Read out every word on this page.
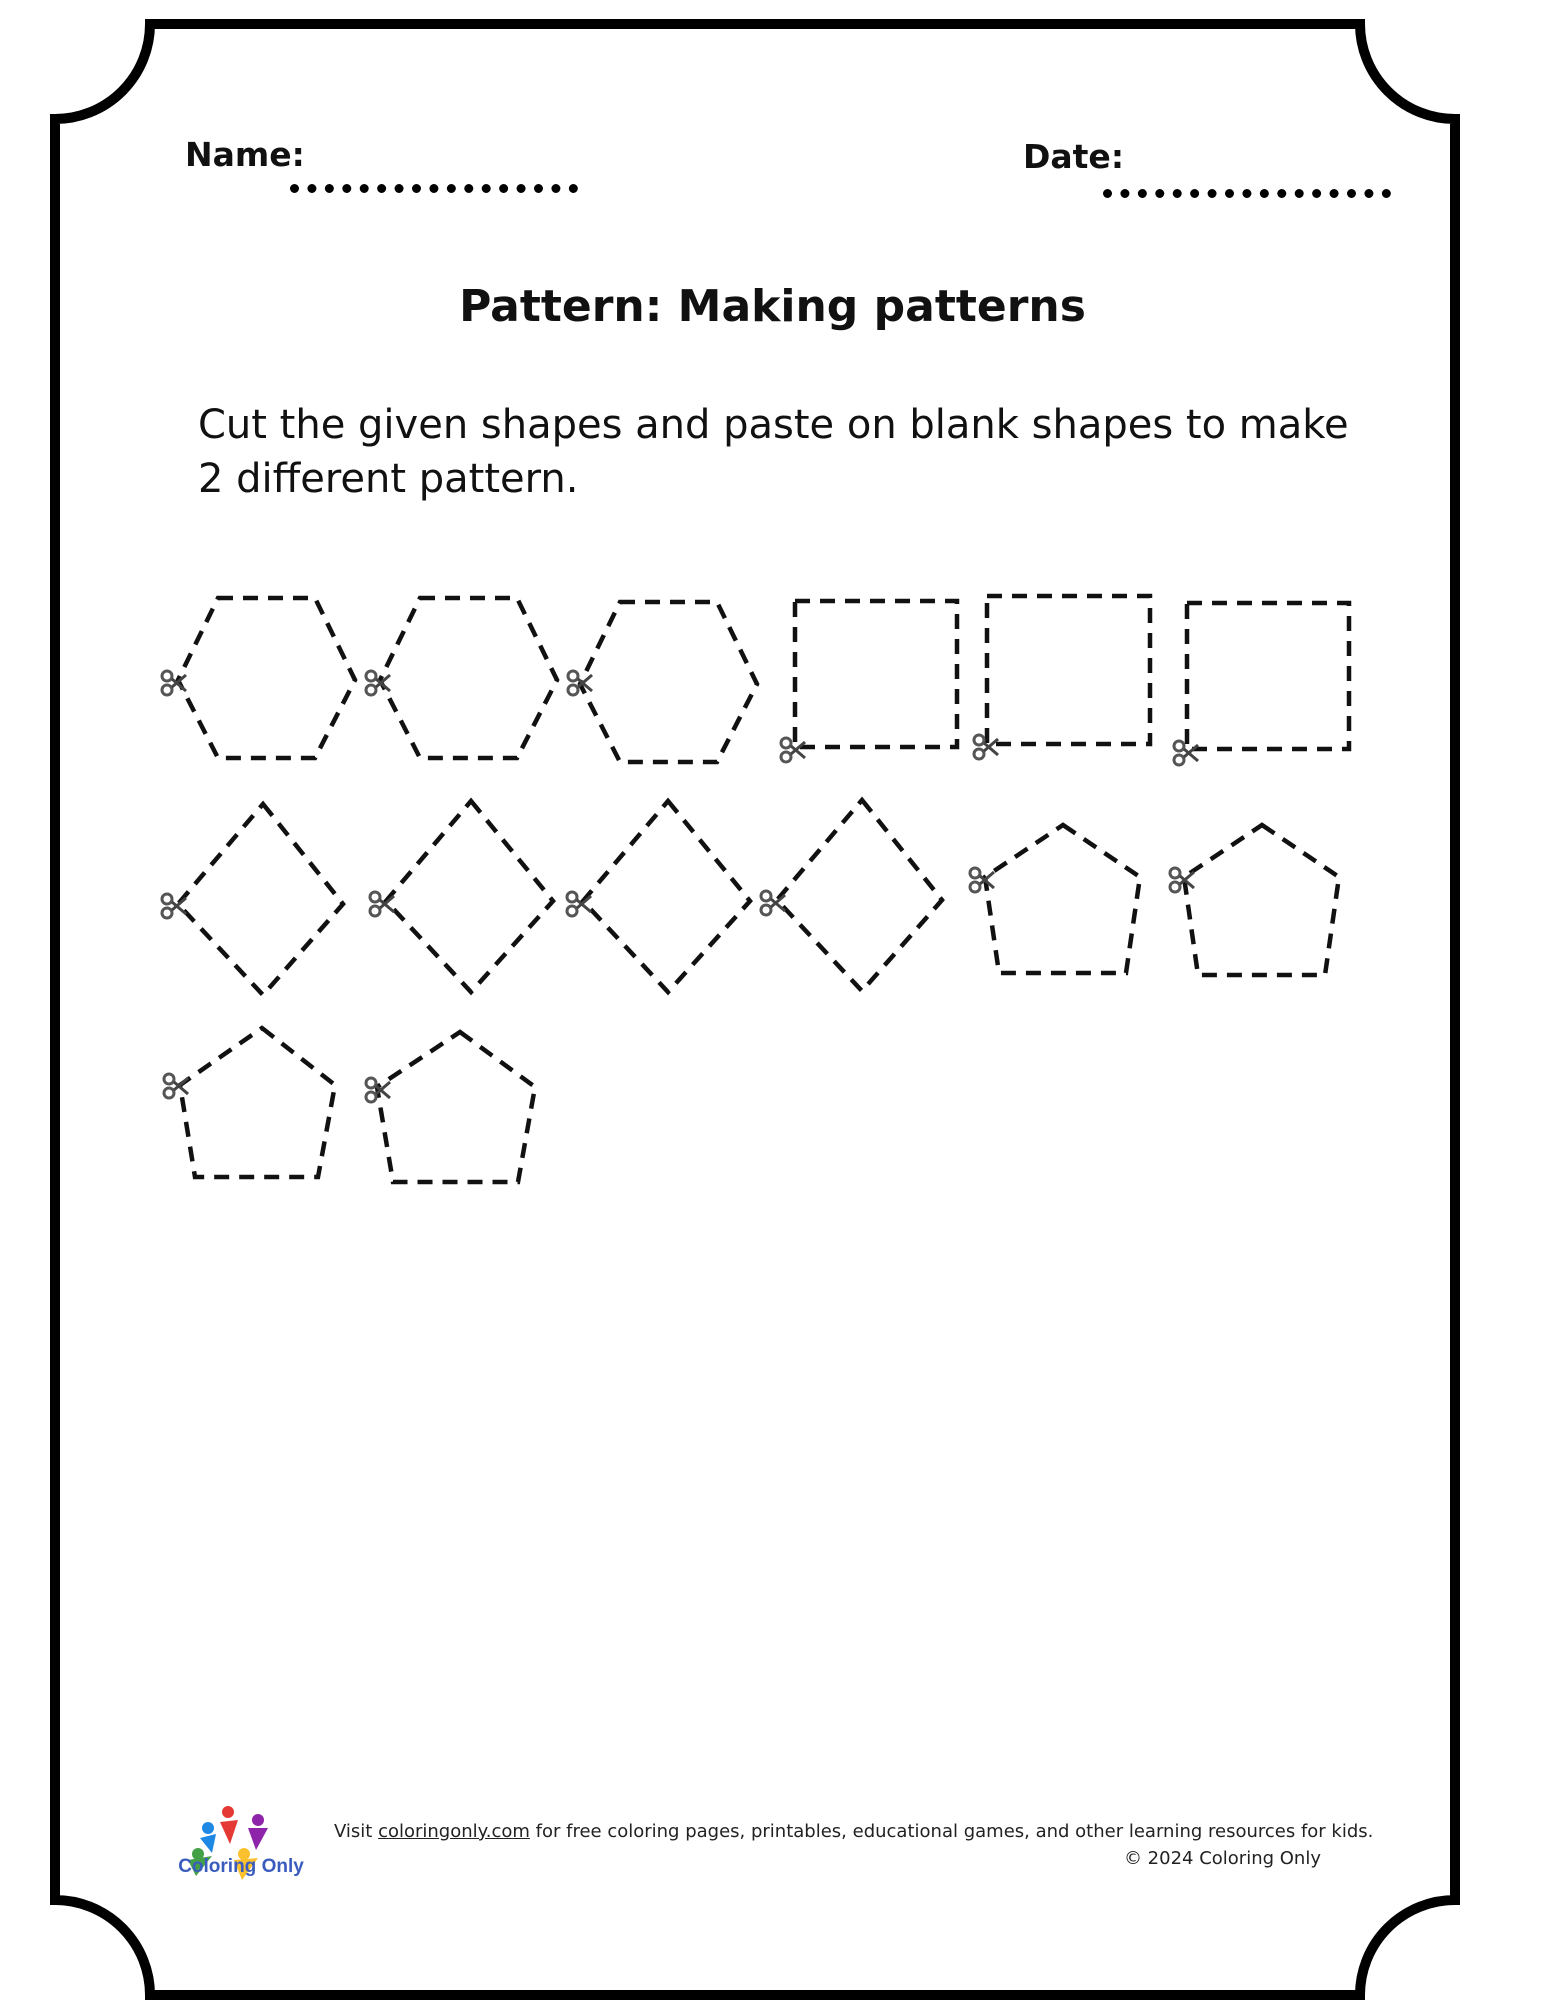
Name:	Date:
Pattern: Making patterns
Cut the given shapes and paste on blank shapes to make
2 different pattern.
Coloring Only
Visit coloringonly.com for free coloring pages, printables, educational games, and other learning resources for kids.
© 2024 Coloring Only
